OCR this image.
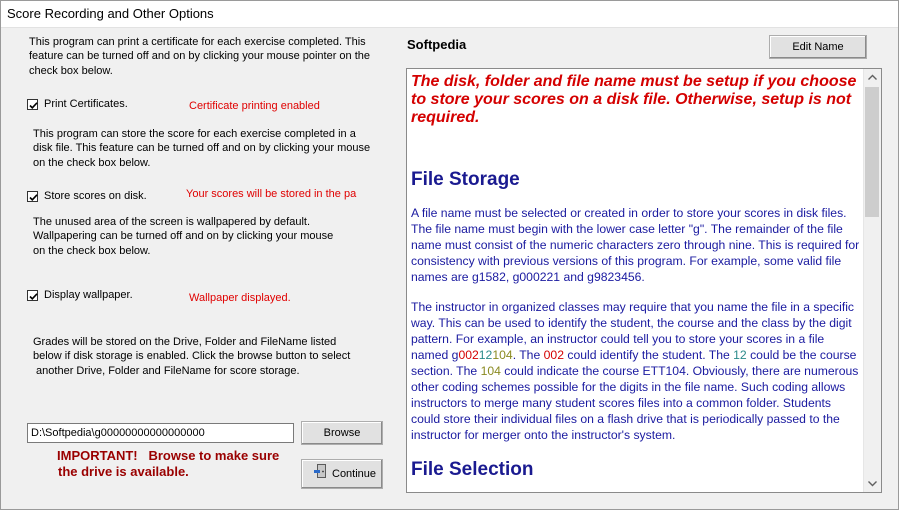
Score Recording and Other Options
This program can print a certificate for each exercise completed. This
feature can be turned off and on by clicking your mouse pointer on the
check box below.
Print Certificates.	Certificate printing enabled
This program can store the score for each exercise completed in a
disk file. This feature can be turned off and on by clicking your mouse
on the check box below.
Store scores on disk.	Your scores will be stored in the pa
The unused area of the screen is wallpapered by default.
Wallpapering can be turned off and on by clicking your mouse
on the check box below.
Display wallpaper.	Wallpaper displayed.
Grades will be stored on the Drive, Folder and FileName listed
below if disk storage is enabled. Click the browse button to select
another Drive, Folder and FileName for score storage.
D:\Softpedia\g00000000000000000
Browse
IMPORTANT!   Browse to make sure
the drive is available.	Continue
Softpedia	Edit Name

The disk, folder and file name must be setup if you choose to store your scores on a disk file. Otherwise, setup is not required.

File Storage

A file name must be selected or created in order to store your scores in disk files. The file name must begin with the lower case letter "g". The remainder of the file name must consist of the numeric characters zero through nine. This is required for consistency with previous versions of this program. For example, some valid file names are g1582, g000221 and g9823456.

The instructor in organized classes may require that you name the file in a specific way. This can be used to identify the student, the course and the class by the digit pattern. For example, an instructor could tell you to store your scores in a file named g00212104. The 002 could identify the student. The 12 could be the course section. The 104 could indicate the course ETT104. Obviously, there are numerous other coding schemes possible for the digits in the file name. Such coding allows instructors to merge many student scores files into a common folder. Students could store their individual files on a flash drive that is periodically passed to the instructor for merger onto the instructor's system.

File Selection
